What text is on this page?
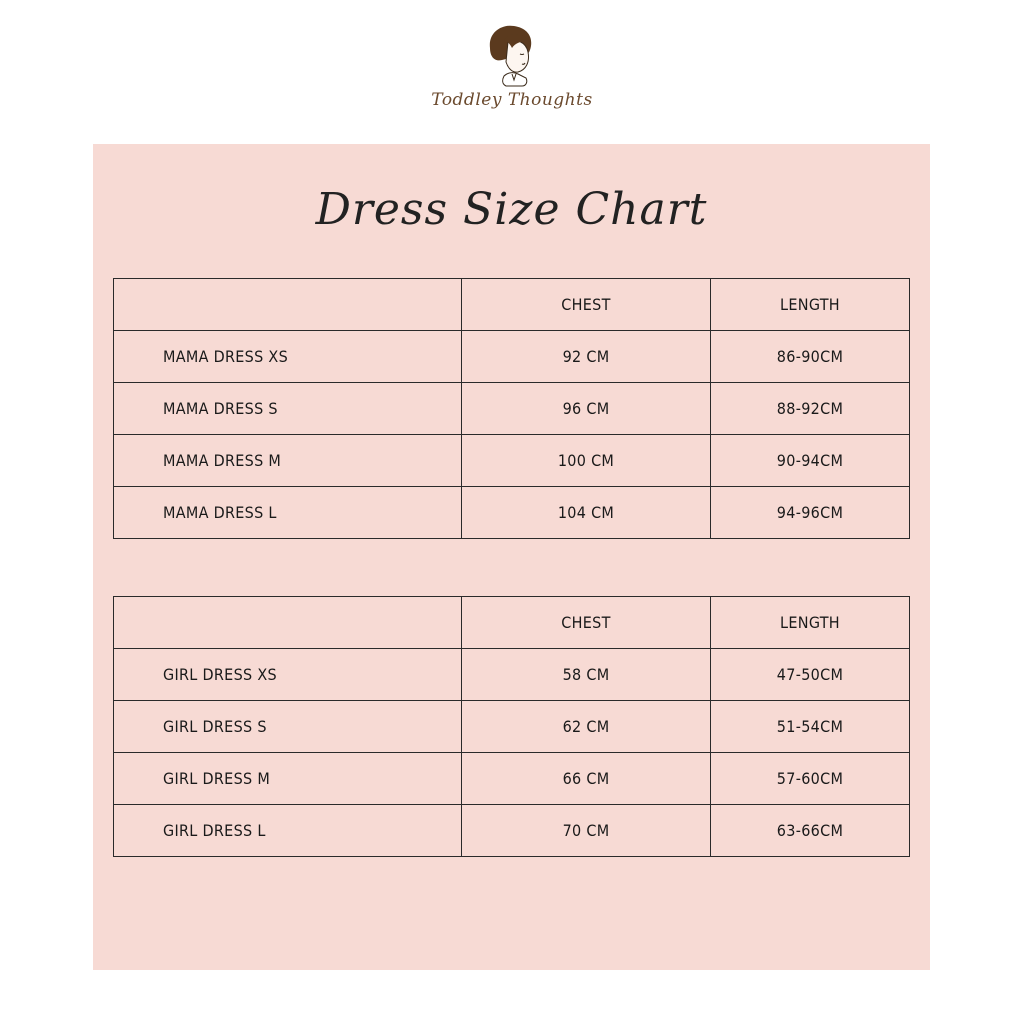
Toddley Thoughts
Dress Size Chart
	CHEST	LENGTH
MAMA DRESS XS	92 CM	86-90CM
MAMA DRESS S	96 CM	88-92CM
MAMA DRESS M	100 CM	90-94CM
MAMA DRESS L	104 CM	94-96CM
	CHEST	LENGTH
GIRL DRESS XS	58 CM	47-50CM
GIRL DRESS S	62 CM	51-54CM
GIRL DRESS M	66 CM	57-60CM
GIRL DRESS L	70 CM	63-66CM
